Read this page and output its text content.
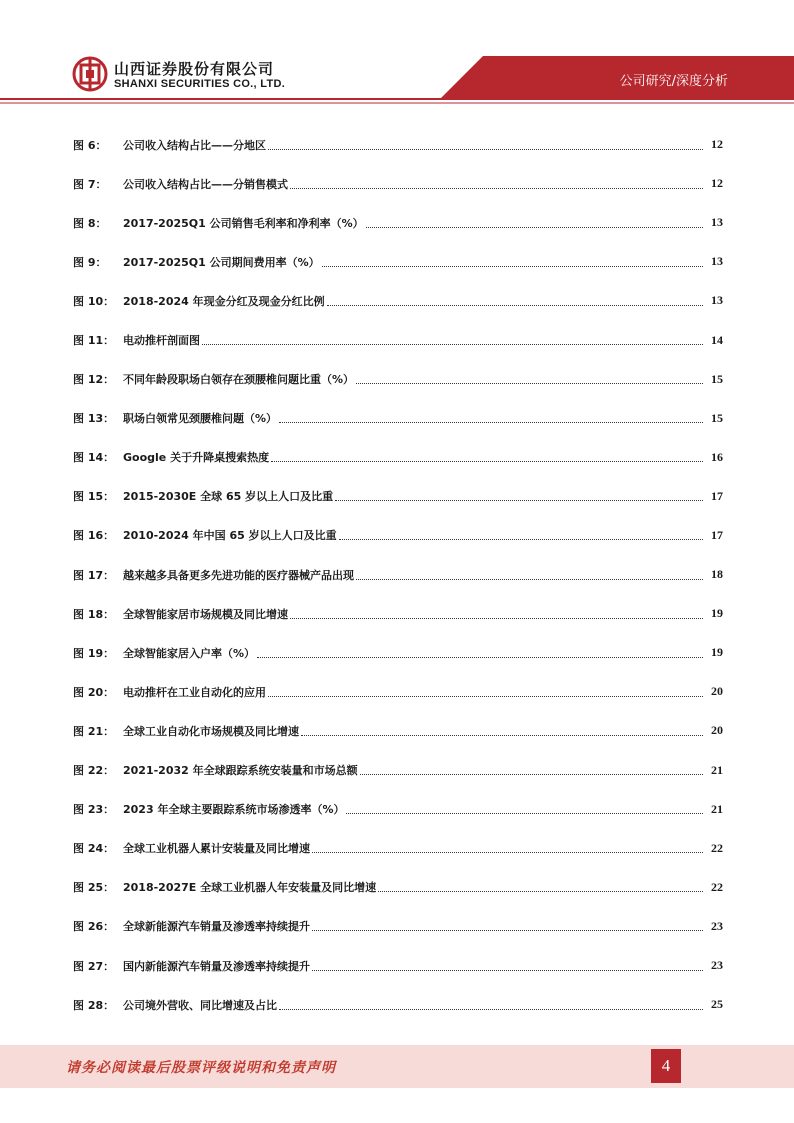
山西证券股份有限公司
SHANXI SECURITIES CO., LTD.	公司研究/深度分析
图 6：	公司收入结构占比——分地区	12
图 7：	公司收入结构占比——分销售模式	12
图 8：	2017-2025Q1 公司销售毛利率和净利率（%）	13
图 9：	2017-2025Q1 公司期间费用率（%）	13
图 10： 2018-2024 年现金分红及现金分红比例	13
图 11： 电动推杆剖面图	14
图 12： 不同年龄段职场白领存在颈腰椎问题比重（%）	15
图 13： 职场白领常见颈腰椎问题（%）	15
图 14： Google 关于升降桌搜索热度	16
图 15： 2015-2030E 全球 65 岁以上人口及比重	17
图 16： 2010-2024 年中国 65 岁以上人口及比重	17
图 17： 越来越多具备更多先进功能的医疗器械产品出现	18
图 18： 全球智能家居市场规模及同比增速	19
图 19： 全球智能家居入户率（%）	19
图 20： 电动推杆在工业自动化的应用	20
图 21： 全球工业自动化市场规模及同比增速	20
图 22： 2021-2032 年全球跟踪系统安装量和市场总额	21
图 23： 2023 年全球主要跟踪系统市场渗透率（%）	21
图 24： 全球工业机器人累计安装量及同比增速	22
图 25： 2018-2027E 全球工业机器人年安装量及同比增速	22
图 26： 全球新能源汽车销量及渗透率持续提升	23
图 27： 国内新能源汽车销量及渗透率持续提升	23
图 28： 公司境外营收、同比增速及占比	25
请务必阅读最后股票评级说明和免责声明	4
